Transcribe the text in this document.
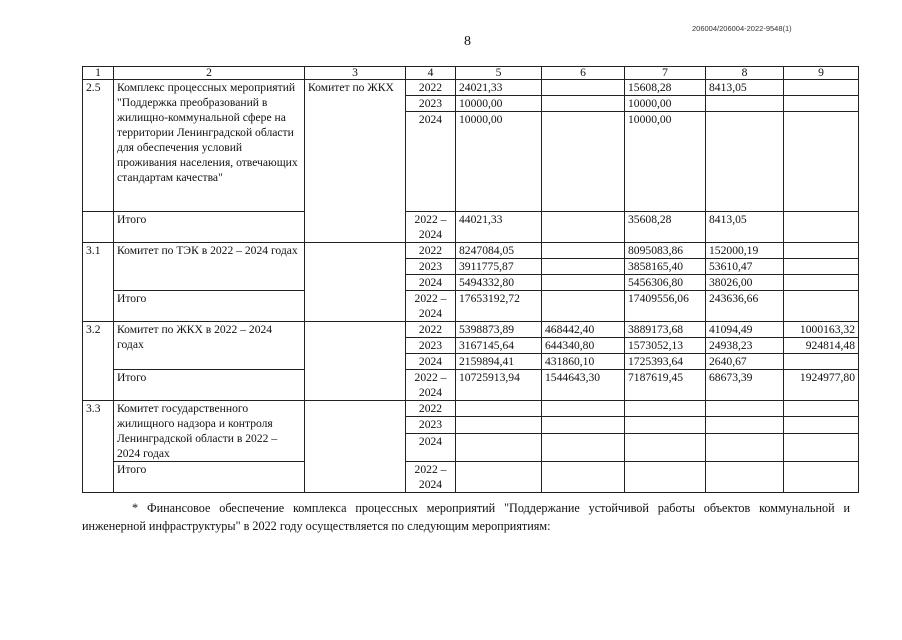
206004/206004-2022-9548(1)
8
1	2	3	4	5	6	7	8	9
2.5	Комплекс процессных мероприятий "Поддержка преобразований в жилищно-коммунальной сфере на территории Ленинградской области для обеспечения условий проживания населения, отвечающих стандартам качества"	Комитет по ЖКХ	2022	24021,33		15608,28	8413,05	
			2023	10000,00		10000,00		
			2024	10000,00		10000,00		
	Итого		2022 – 2024	44021,33		35608,28	8413,05	
3.1	Комитет по ТЭК в 2022 – 2024 годах		2022	8247084,05		8095083,86	152000,19	
			2023	3911775,87		3858165,40	53610,47	
			2024	5494332,80		5456306,80	38026,00	
	Итого		2022 – 2024	17653192,72		17409556,06	243636,66	
3.2	Комитет по ЖКХ в 2022 – 2024 годах		2022	5398873,89	468442,40	3889173,68	41094,49	1000163,32
			2023	3167145,64	644340,80	1573052,13	24938,23	924814,48
			2024	2159894,41	431860,10	1725393,64	2640,67	
	Итого		2022 – 2024	10725913,94	1544643,30	7187619,45	68673,39	1924977,80
3.3	Комитет государственного жилищного надзора и контроля Ленинградской области в 2022 – 2024 годах		2022					
			2023					
			2024					
	Итого		2022 – 2024					
* Финансовое обеспечение комплекса процессных мероприятий "Поддержание устойчивой работы объектов коммунальной и инженерной инфраструктуры" в 2022 году осуществляется по следующим мероприятиям:
